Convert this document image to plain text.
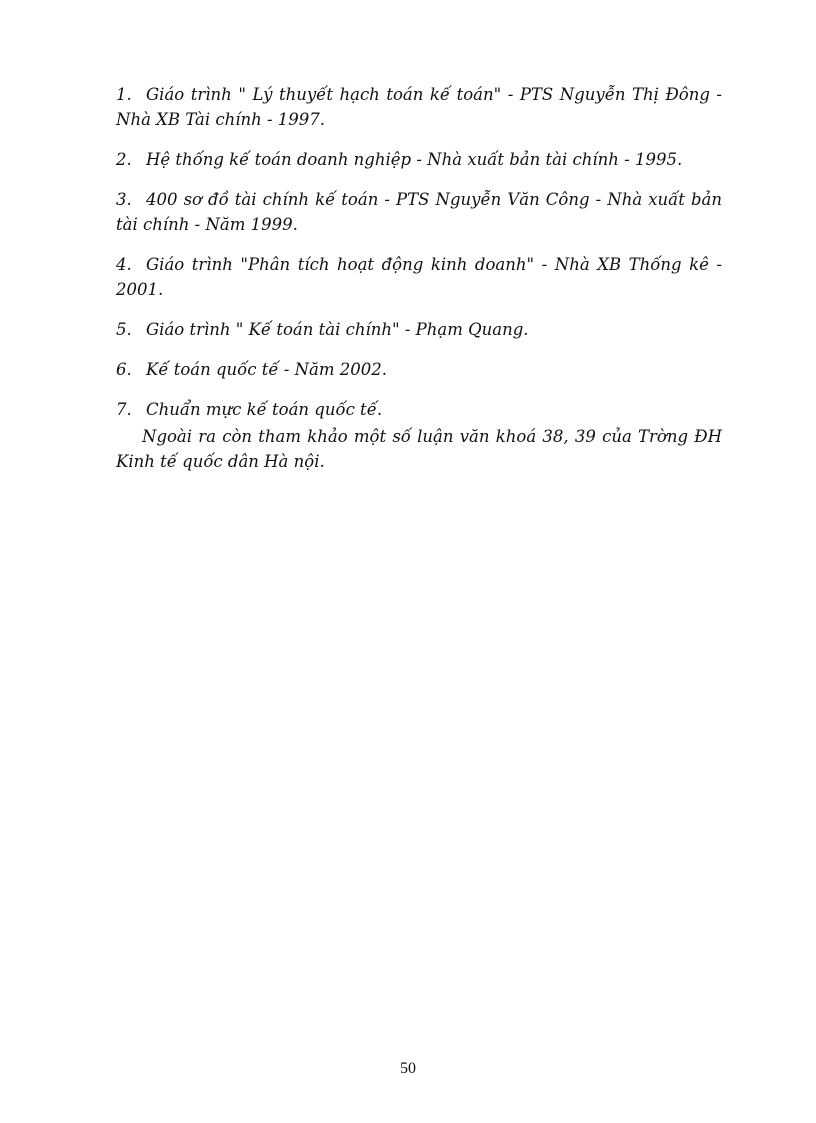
1. Giáo trình " Lý thuyết hạch toán kế toán" - PTS Nguyễn Thị Đông - Nhà XB Tài chính - 1997.
2. Hệ thống kế toán doanh nghiệp - Nhà xuất bản tài chính - 1995.
3. 400 sơ đồ tài chính kế toán - PTS Nguyễn Văn Công - Nhà xuất bản tài chính - Năm 1999.
4. Giáo trình "Phân tích hoạt động kinh doanh" - Nhà XB Thống kê - 2001.
5. Giáo trình " Kế toán tài chính" - Phạm Quang.
6. Kế toán quốc tế - Năm 2002.
7. Chuẩn mực kế toán quốc tế.

Ngoài ra còn tham khảo một số luận văn khoá 38, 39 của Trờng ĐH Kinh tế quốc dân Hà nội.

50
